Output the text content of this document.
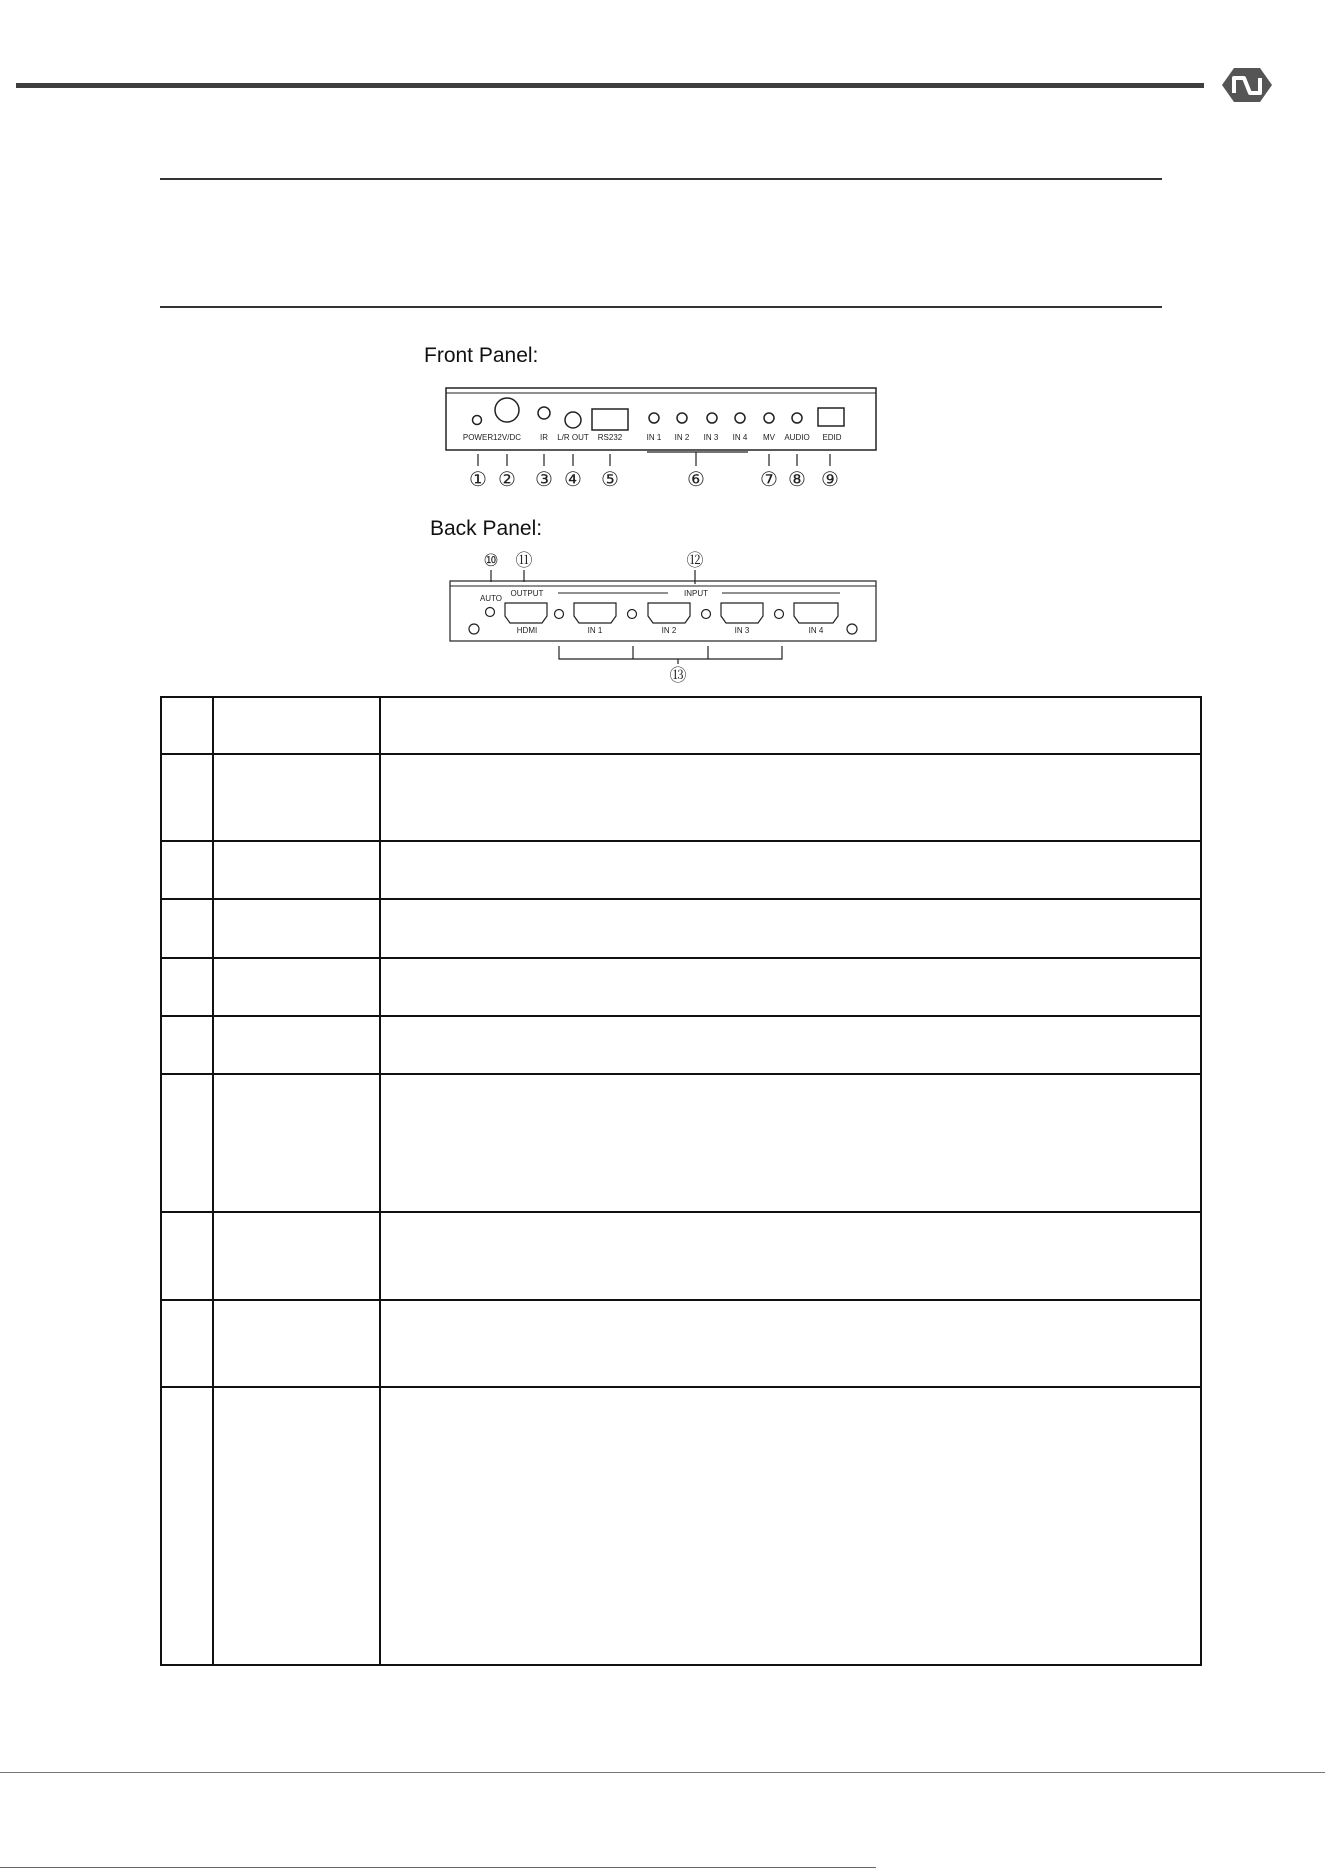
Front Panel:
POWER 12V/DC IR L/R OUT RS232	IN 1 IN 2 IN 3 IN 4 MV AUDIO EDID
① ② ③ ④ ⑤	⑥	⑦ ⑧ ⑨
Back Panel:
⑩ ⑪	⑫
⑬
AUTO
OUTPUT	INPUT
HDMI	IN 1	IN 2	IN 3	IN 4
